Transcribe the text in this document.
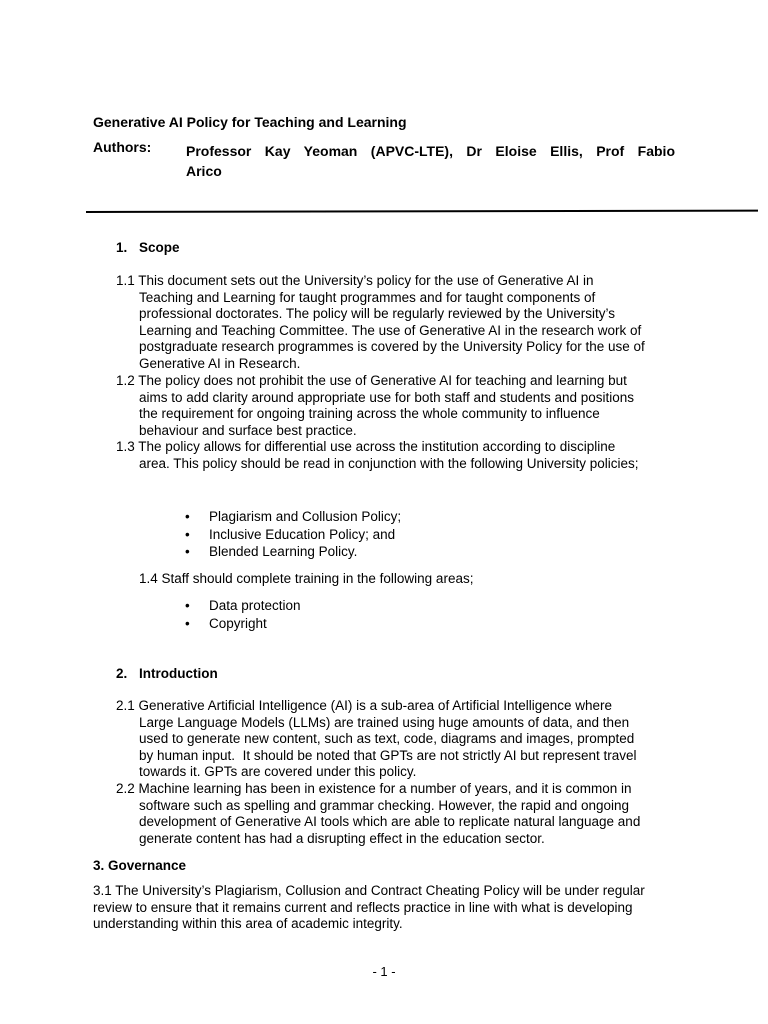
Generative AI Policy for Teaching and Learning
Authors: Professor Kay Yeoman (APVC-LTE), Dr Eloise Ellis, Prof Fabio
Arico
1. Scope
1.1 This document sets out the University’s policy for the use of Generative AI in
Teaching and Learning for taught programmes and for taught components of
professional doctorates. The policy will be regularly reviewed by the University’s
Learning and Teaching Committee. The use of Generative AI in the research work of
postgraduate research programmes is covered by the University Policy for the use of
Generative AI in Research.
1.2 The policy does not prohibit the use of Generative AI for teaching and learning but
aims to add clarity around appropriate use for both staff and students and positions
the requirement for ongoing training across the whole community to influence
behaviour and surface best practice.
1.3 The policy allows for differential use across the institution according to discipline
area. This policy should be read in conjunction with the following University policies;
• Plagiarism and Collusion Policy;
• Inclusive Education Policy; and
• Blended Learning Policy.
1.4 Staff should complete training in the following areas;
• Data protection
• Copyright
2. Introduction
2.1 Generative Artificial Intelligence (AI) is a sub-area of Artificial Intelligence where
Large Language Models (LLMs) are trained using huge amounts of data, and then
used to generate new content, such as text, code, diagrams and images, prompted
by human input.  It should be noted that GPTs are not strictly AI but represent travel
towards it. GPTs are covered under this policy.
2.2 Machine learning has been in existence for a number of years, and it is common in
software such as spelling and grammar checking. However, the rapid and ongoing
development of Generative AI tools which are able to replicate natural language and
generate content has had a disrupting effect in the education sector.
3. Governance
3.1 The University’s Plagiarism, Collusion and Contract Cheating Policy will be under regular
review to ensure that it remains current and reflects practice in line with what is developing
understanding within this area of academic integrity.
- 1 -
